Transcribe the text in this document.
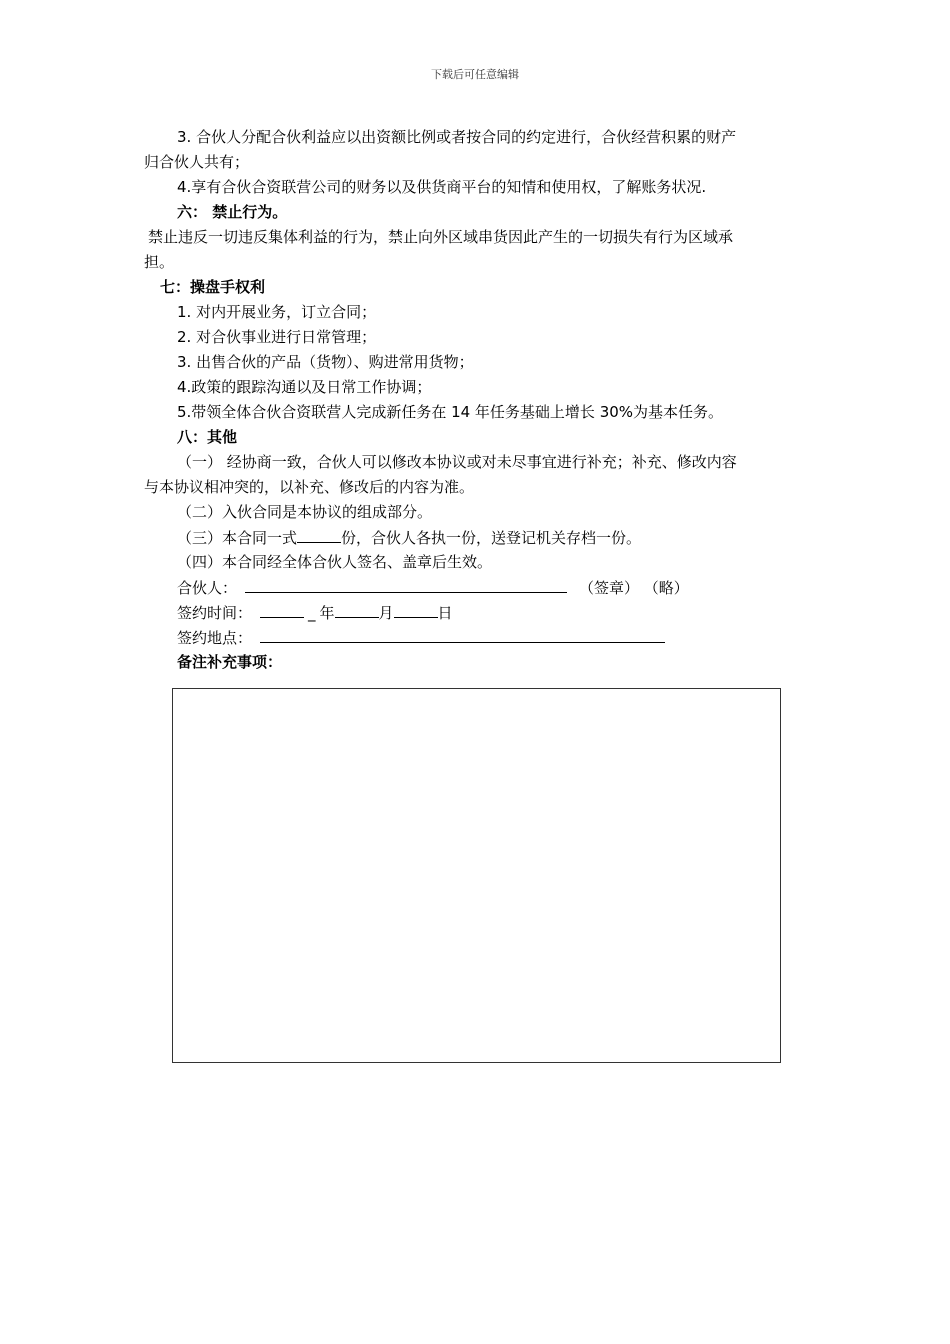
下载后可任意编辑
3. 合伙人分配合伙利益应以出资额比例或者按合同的约定进行，合伙经营积累的财产
归合伙人共有；
4.享有合伙合资联营公司的财务以及供货商平台的知情和使用权，了解账务状况.
六： 禁止行为。
禁止违反一切违反集体利益的行为，禁止向外区域串货因此产生的一切损失有行为区域承
担。
七：操盘手权利
1. 对内开展业务，订立合同；
2. 对合伙事业进行日常管理；
3. 出售合伙的产品（货物）、购进常用货物；
4.政策的跟踪沟通以及日常工作协调；
5.带领全体合伙合资联营人完成新任务在 14 年任务基础上增长 30%为基本任务。
八：其他
（一） 经协商一致，合伙人可以修改本协议或对未尽事宜进行补充；补充、修改内容
与本协议相冲突的，以补充、修改后的内容为准。
（二）入伙合同是本协议的组成部分。
（三）本合同一式	份，合伙人各执一份，送登记机关存档一份。
（四）本合同经全体合伙人签名、盖章后生效。
合伙人：	（签章） （略）
签约时间：	_ 年	月	日
签约地点：
备注补充事项：
